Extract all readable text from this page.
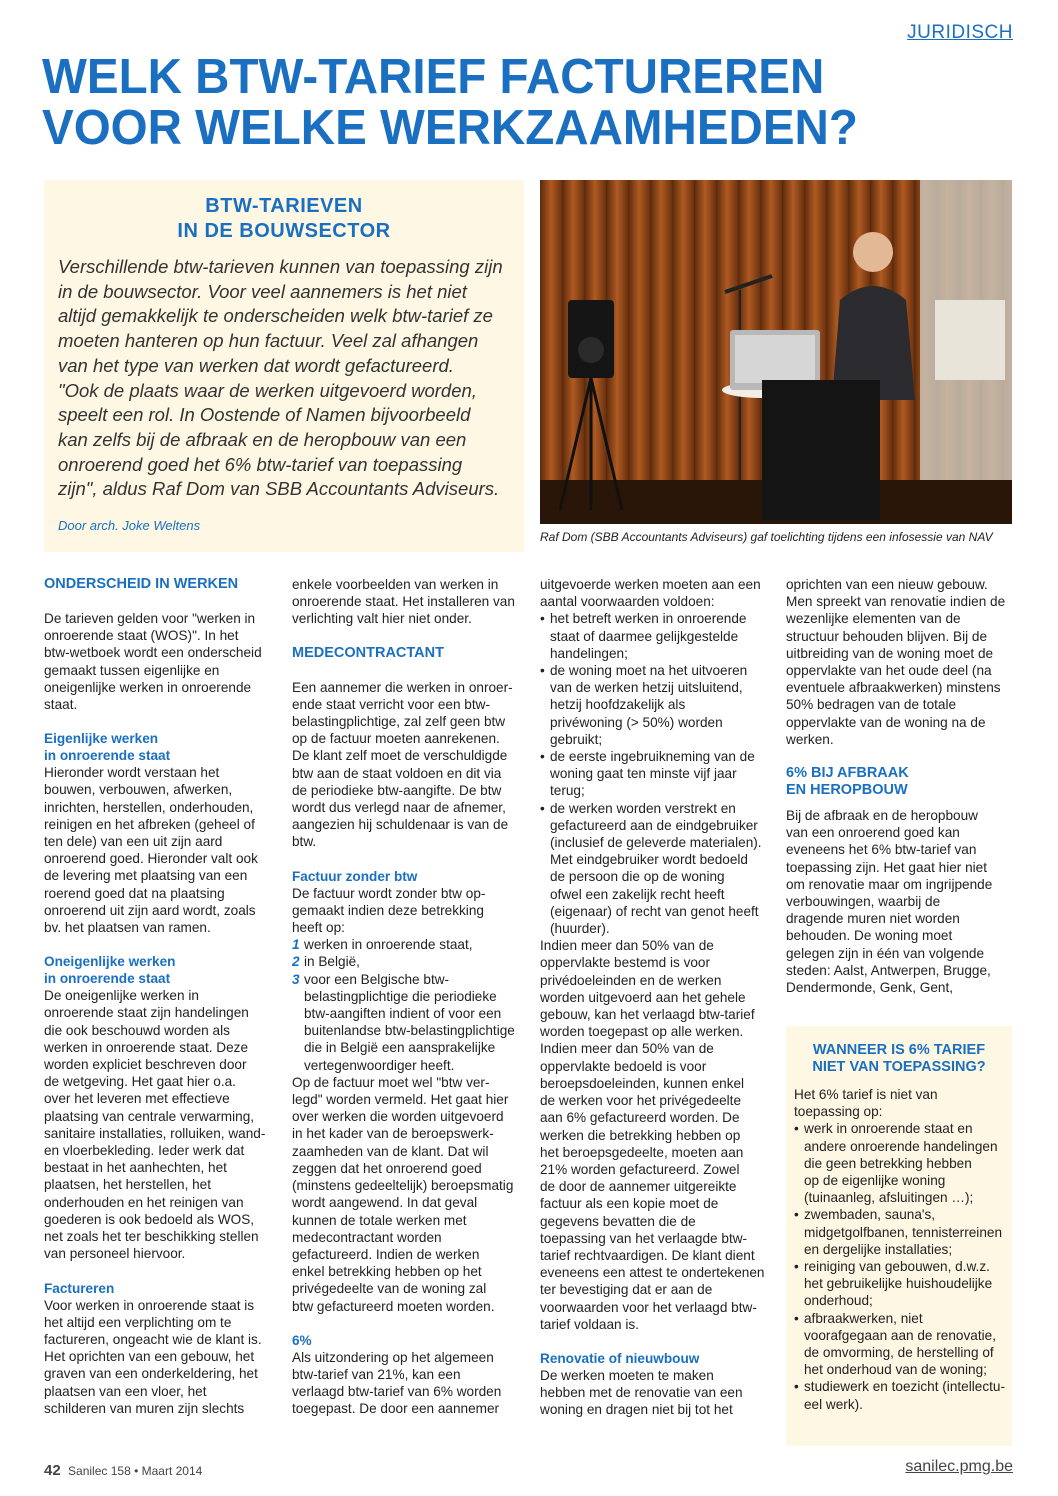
JURIDISCH
WELK BTW-TARIEF FACTUREREN
VOOR WELKE WERKZAAMHEDEN?
BTW-TARIEVEN
IN DE BOUWSECTOR
Verschillende btw-tarieven kunnen van toepassing zijn
in de bouwsector. Voor veel aannemers is het niet
altijd gemakkelijk te onderscheiden welk btw-tarief ze
moeten hanteren op hun factuur. Veel zal afhangen
van het type van werken dat wordt gefactureerd.
"Ook de plaats waar de werken uitgevoerd worden,
speelt een rol. In Oostende of Namen bijvoorbeeld
kan zelfs bij de afbraak en de heropbouw van een
onroerend goed het 6% btw-tarief van toepassing
zijn", aldus Raf Dom van SBB Accountants Adviseurs.
Door arch. Joke Weltens
Raf Dom (SBB Accountants Adviseurs) gaf toelichting tijdens een infosessie van NAV
ONDERSCHEID IN WERKEN

De tarieven gelden voor "werken in
onroerende staat (WOS)". In het
btw-wetboek wordt een onderscheid
gemaakt tussen eigenlijke en
oneigenlijke werken in onroerende
staat.

Eigenlijke werken
in onroerende staat

Hieronder wordt verstaan het
bouwen, verbouwen, afwerken,
inrichten, herstellen, onderhouden,
reinigen en het afbreken (geheel of
ten dele) van een uit zijn aard
onroerend goed. Hieronder valt ook
de levering met plaatsing van een
roerend goed dat na plaatsing
onroerend uit zijn aard wordt, zoals
bv. het plaatsen van ramen.

Oneigenlijke werken
in onroerende staat

De oneigenlijke werken in
onroerende staat zijn handelingen
die ook beschouwd worden als
werken in onroerende staat. Deze
worden expliciet beschreven door
de wetgeving. Het gaat hier o.a.
over het leveren met effectieve
plaatsing van centrale verwarming,
sanitaire installaties, rolluiken, wand-
en vloerbekleding. Ieder werk dat
bestaat in het aanhechten, het
plaatsen, het herstellen, het
onderhouden en het reinigen van
goederen is ook bedoeld als WOS,
net zoals het ter beschikking stellen
van personeel hiervoor.

Factureren

Voor werken in onroerende staat is
het altijd een verplichting om te
factureren, ongeacht wie de klant is.
Het oprichten van een gebouw, het
graven van een onderkeldering, het
plaatsen van een vloer, het
schilderen van muren zijn slechts

enkele voorbeelden van werken in
onroerende staat. Het installeren van
verlichting valt hier niet onder.

MEDECONTRACTANT

Een aannemer die werken in onroer-
ende staat verricht voor een btw-
belastingplichtige, zal zelf geen btw
op de factuur moeten aanrekenen.
De klant zelf moet de verschuldigde
btw aan de staat voldoen en dit via
de periodieke btw-aangifte. De btw
wordt dus verlegd naar de afnemer,
aangezien hij schuldenaar is van de
btw.

Factuur zonder btw

De factuur wordt zonder btw op-
gemaakt indien deze betrekking
heeft op:

1 werken in onroerende staat,
2 in België,
3 voor een Belgische btw-
belastingplichtige die periodieke
btw-aangiften indient of voor een
buitenlandse btw-belastingplichtige
die in België een aansprakelijke
vertegenwoordiger heeft.

Op de factuur moet wel "btw ver-
legd" worden vermeld. Het gaat hier
over werken die worden uitgevoerd
in het kader van de beroepswerk-
zaamheden van de klant. Dat wil
zeggen dat het onroerend goed
(minstens gedeeltelijk) beroepsmatig
wordt aangewend. In dat geval
kunnen de totale werken met
medecontractant worden
gefactureerd. Indien de werken
enkel betrekking hebben op het
privégedeelte van de woning zal
btw gefactureerd moeten worden.

6%

Als uitzondering op het algemeen
btw-tarief van 21%, kan een
verlaagd btw-tarief van 6% worden
toegepast. De door een aannemer

uitgevoerde werken moeten aan een
aantal voorwaarden voldoen:

• het betreft werken in onroerende
staat of daarmee gelijkgestelde
handelingen;
• de woning moet na het uitvoeren
van de werken hetzij uitsluitend,
hetzij hoofdzakelijk als
privéwoning (> 50%) worden
gebruikt;
• de eerste ingebruikneming van de
woning gaat ten minste vijf jaar
terug;
• de werken worden verstrekt en
gefactureerd aan de eindgebruiker
(inclusief de geleverde materialen).
Met eindgebruiker wordt bedoeld
de persoon die op de woning
ofwel een zakelijk recht heeft
(eigenaar) of recht van genot heeft
(huurder).

Indien meer dan 50% van de
oppervlakte bestemd is voor
privédoeleinden en de werken
worden uitgevoerd aan het gehele
gebouw, kan het verlaagd btw-tarief
worden toegepast op alle werken.
Indien meer dan 50% van de
oppervlakte bedoeld is voor
beroepsdoeleinden, kunnen enkel
de werken voor het privégedeelte
aan 6% gefactureerd worden. De
werken die betrekking hebben op
het beroepsgedeelte, moeten aan
21% worden gefactureerd. Zowel
de door de aannemer uitgereikte
factuur als een kopie moet de
gegevens bevatten die de
toepassing van het verlaagde btw-
tarief rechtvaardigen. De klant dient
eveneens een attest te ondertekenen
ter bevestiging dat er aan de
voorwaarden voor het verlaagd btw-
tarief voldaan is.

Renovatie of nieuwbouw

De werken moeten te maken
hebben met de renovatie van een
woning en dragen niet bij tot het

oprichten van een nieuw gebouw.
Men spreekt van renovatie indien de
wezenlijke elementen van de
structuur behouden blijven. Bij de
uitbreiding van de woning moet de
oppervlakte van het oude deel (na
eventuele afbraakwerken) minstens
50% bedragen van de totale
oppervlakte van de woning na de
werken.

6% BIJ AFBRAAK
EN HEROPBOUW

Bij de afbraak en de heropbouw
van een onroerend goed kan
eveneens het 6% btw-tarief van
toepassing zijn. Het gaat hier niet
om renovatie maar om ingrijpende
verbouwingen, waarbij de
dragende muren niet worden
behouden. De woning moet
gelegen zijn in één van volgende
steden: Aalst, Antwerpen, Brugge,
Dendermonde, Genk, Gent,

WANNEER IS 6% TARIEF
NIET VAN TOEPASSING?

Het 6% tarief is niet van
toepassing op:

• werk in onroerende staat en
andere onroerende handelingen
die geen betrekking hebben
op de eigenlijke woning
(tuinaanleg, afsluitingen …);
• zwembaden, sauna's,
midgetgolfbanen, tennisterreinen
en dergelijke installaties;
• reiniging van gebouwen, d.w.z.
het gebruikelijke huishoudelijke
onderhoud;
• afbraakwerken, niet
voorafgegaan aan de renovatie,
de omvorming, de herstelling of
het onderhoud van de woning;
• studiewerk en toezicht (intellectu-
eel werk).
42 Sanilec 158 • Maart 2014	sanilec.pmg.be
